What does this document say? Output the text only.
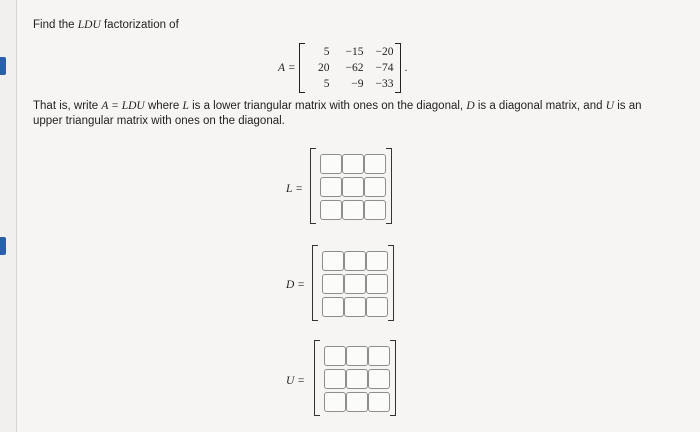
Find the LDU factorization of
A =
5	−15	−20
20	−62	−74
5	−9	−33
.
That is, write A = LDU where L is a lower triangular matrix with ones on the diagonal, D is a diagonal matrix, and U is an upper triangular matrix with ones on the diagonal.
L =
D =
U =
